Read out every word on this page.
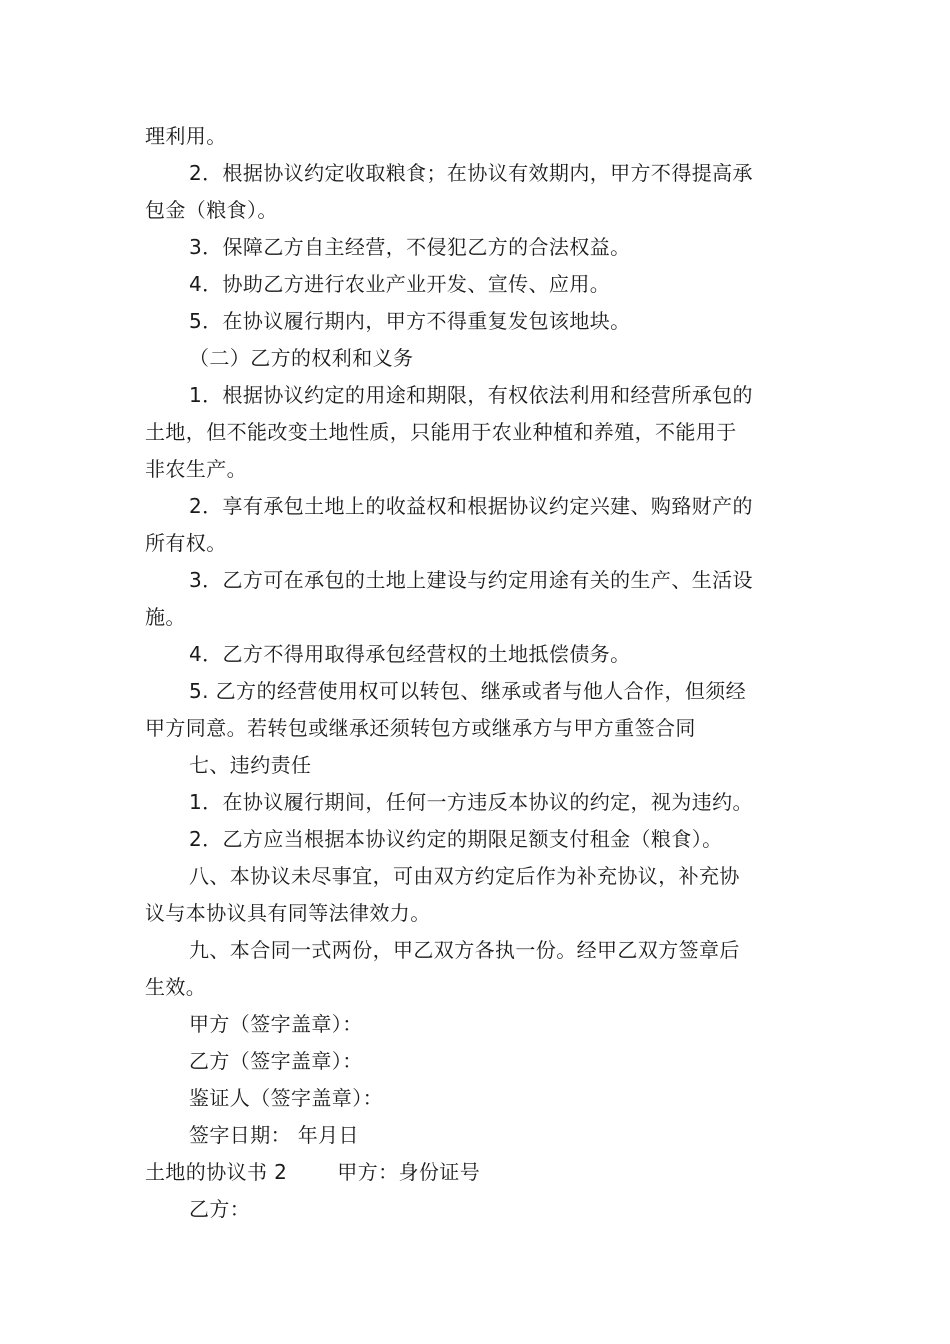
理利用。
2．根据协议约定收取粮食；在协议有效期内，甲方不得提高承
包金（粮食）。
3．保障乙方自主经营，不侵犯乙方的合法权益。
4．协助乙方进行农业产业开发、宣传、应用。
5．在协议履行期内，甲方不得重复发包该地块。
（二）乙方的权利和义务
1．根据协议约定的用途和期限，有权依法利用和经营所承包的
土地，但不能改变土地性质，只能用于农业种植和养殖，不能用于
非农生产。
2．享有承包土地上的收益权和根据协议约定兴建、购臵财产的
所有权。
3．乙方可在承包的土地上建设与约定用途有关的生产、生活设
施。
4．乙方不得用取得承包经营权的土地抵偿债务。
5. 乙方的经营使用权可以转包、继承或者与他人合作，但须经
甲方同意。若转包或继承还须转包方或继承方与甲方重签合同
七、违约责任
1．在协议履行期间，任何一方违反本协议的约定，视为违约。
2．乙方应当根据本协议约定的期限足额支付租金（粮食）。
八、本协议未尽事宜，可由双方约定后作为补充协议，补充协
议与本协议具有同等法律效力。
九、本合同一式两份，甲乙双方各执一份。经甲乙双方签章后
生效。
甲方（签字盖章）：
乙方（签字盖章）：
鉴证人（签字盖章）：
签字日期： 年月日
土地的协议书 2	甲方：身份证号
乙方：
